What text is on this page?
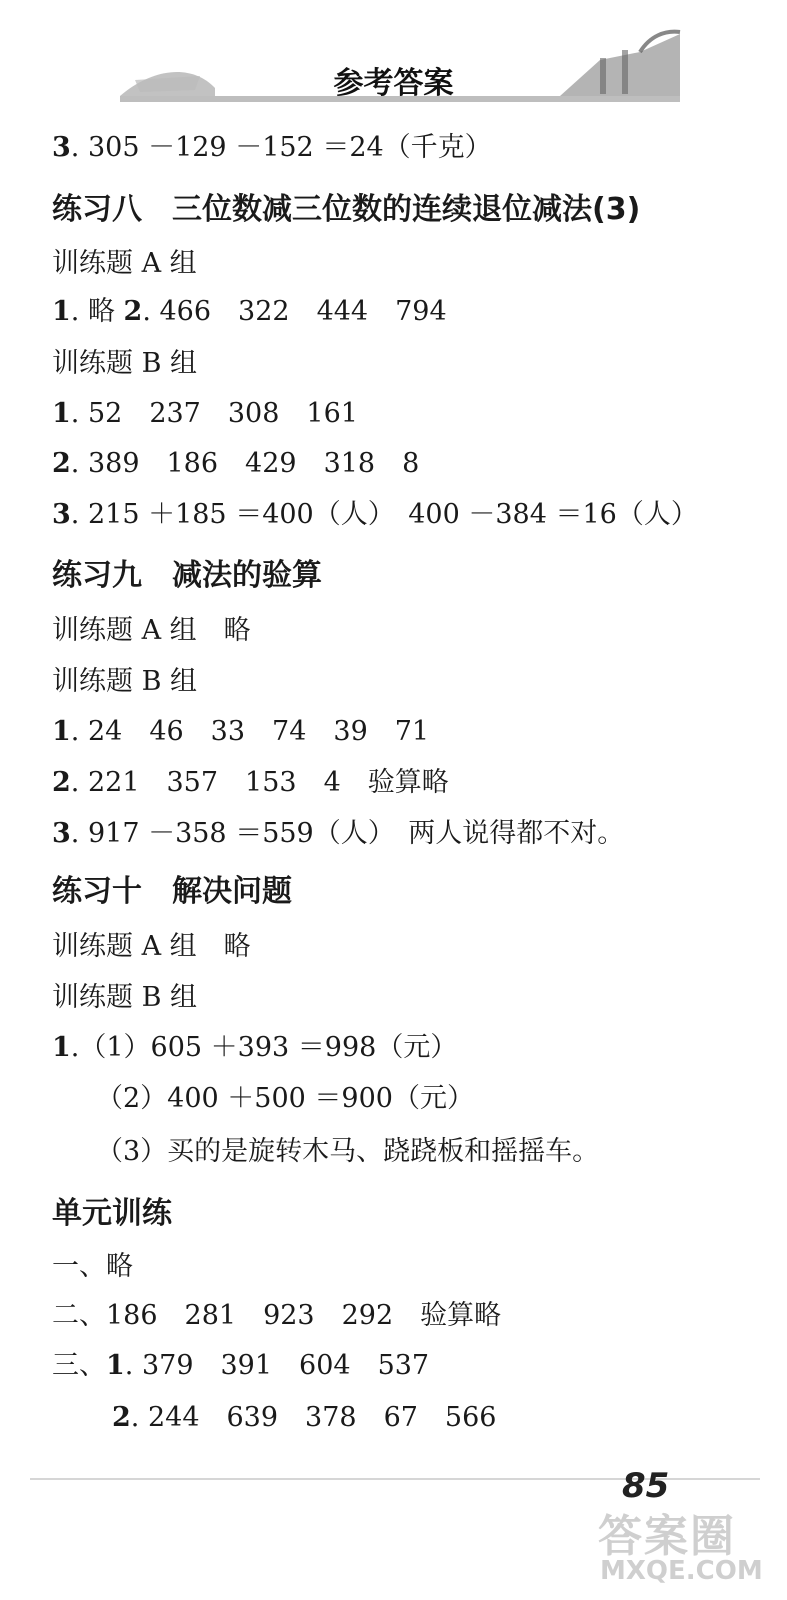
参考答案
3. 305 －129 －152 ＝24（千克）
练习八　三位数减三位数的连续退位减法(3)
训练题 A 组
1. 略 2. 466　322　444　794
训练题 B 组
1. 52　237　308　161
2. 389　186　429　318　8
3. 215 ＋185 ＝400（人）　400 －384 ＝16（人）
练习九　减法的验算
训练题 A 组　略
训练题 B 组
1. 24　46　33　74　39　71
2. 221　357　153　4　验算略
3. 917 －358 ＝559（人）　两人说得都不对。
练习十　解决问题
训练题 A 组　略
训练题 B 组
1.（1）605 ＋393 ＝998（元）
（2）400 ＋500 ＝900（元）
（3）买的是旋转木马、跷跷板和摇摇车。
单元训练
一、略
二、186　281　923　292　验算略
三、1. 379　391　604　537
2. 244　639　378　67　566
85
答案圈
MXQE.COM
